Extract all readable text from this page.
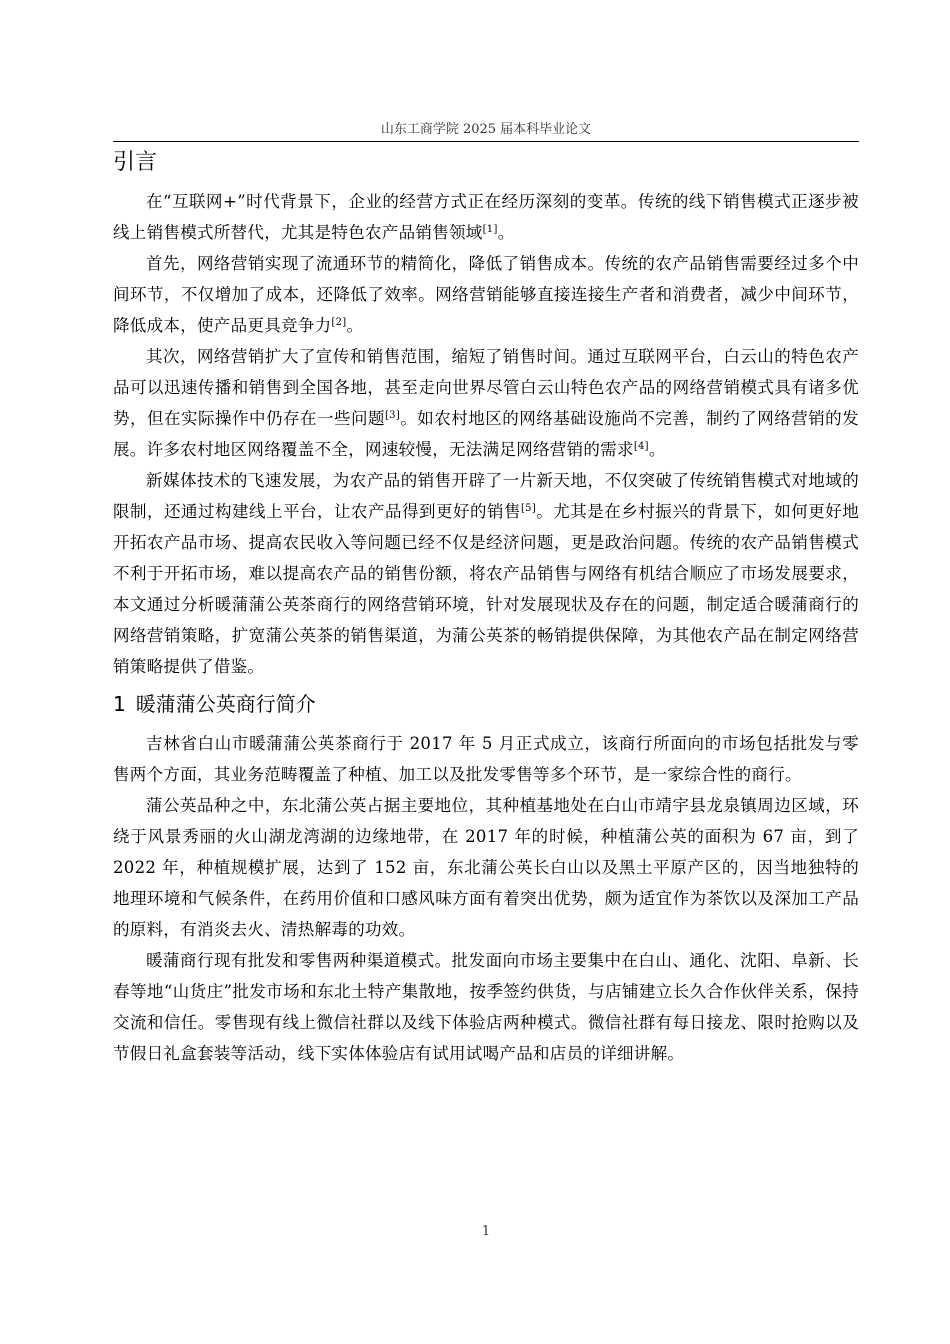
山东工商学院 2025 届本科毕业论文
引言

在“互联网+”时代背景下，企业的经营方式正在经历深刻的变革。传统的线下销售模式正逐步被线上销售模式所替代，尤其是特色农产品销售领域[1]。

首先，网络营销实现了流通环节的精简化，降低了销售成本。传统的农产品销售需要经过多个中间环节，不仅增加了成本，还降低了效率。网络营销能够直接连接生产者和消费者，减少中间环节，降低成本，使产品更具竞争力[2]。

其次，网络营销扩大了宣传和销售范围，缩短了销售时间。通过互联网平台，白云山的特色农产品可以迅速传播和销售到全国各地，甚至走向世界尽管白云山特色农产品的网络营销模式具有诸多优势，但在实际操作中仍存在一些问题[3]。如农村地区的网络基础设施尚不完善，制约了网络营销的发展。许多农村地区网络覆盖不全，网速较慢，无法满足网络营销的需求[4]。

新媒体技术的飞速发展，为农产品的销售开辟了一片新天地，不仅突破了传统销售模式对地域的限制，还通过构建线上平台，让农产品得到更好的销售[5]。尤其是在乡村振兴的背景下，如何更好地开拓农产品市场、提高农民收入等问题已经不仅是经济问题，更是政治问题。传统的农产品销售模式不利于开拓市场，难以提高农产品的销售份额，将农产品销售与网络有机结合顺应了市场发展要求，本文通过分析暖蒲蒲公英茶商行的网络营销环境，针对发展现状及存在的问题，制定适合暖蒲商行的网络营销策略，扩宽蒲公英茶的销售渠道，为蒲公英茶的畅销提供保障，为其他农产品在制定网络营销策略提供了借鉴。

1 暖蒲蒲公英商行简介

吉林省白山市暖蒲蒲公英茶商行于 2017 年 5 月正式成立，该商行所面向的市场包括批发与零售两个方面，其业务范畴覆盖了种植、加工以及批发零售等多个环节，是一家综合性的商行。

蒲公英品种之中，东北蒲公英占据主要地位，其种植基地处在白山市靖宇县龙泉镇周边区域，环绕于风景秀丽的火山湖龙湾湖的边缘地带，在 2017 年的时候，种植蒲公英的面积为 67 亩，到了 2022 年，种植规模扩展，达到了 152 亩，东北蒲公英长白山以及黑土平原产区的，因当地独特的地理环境和气候条件，在药用价值和口感风味方面有着突出优势，颇为适宜作为茶饮以及深加工产品的原料，有消炎去火、清热解毒的功效。

暖蒲商行现有批发和零售两种渠道模式。批发面向市场主要集中在白山、通化、沈阳、阜新、长春等地“山货庄”批发市场和东北土特产集散地，按季签约供货，与店铺建立长久合作伙伴关系，保持交流和信任。零售现有线上微信社群以及线下体验店两种模式。微信社群有每日接龙、限时抢购以及节假日礼盒套装等活动，线下实体体验店有试用试喝产品和店员的详细讲解。

1
